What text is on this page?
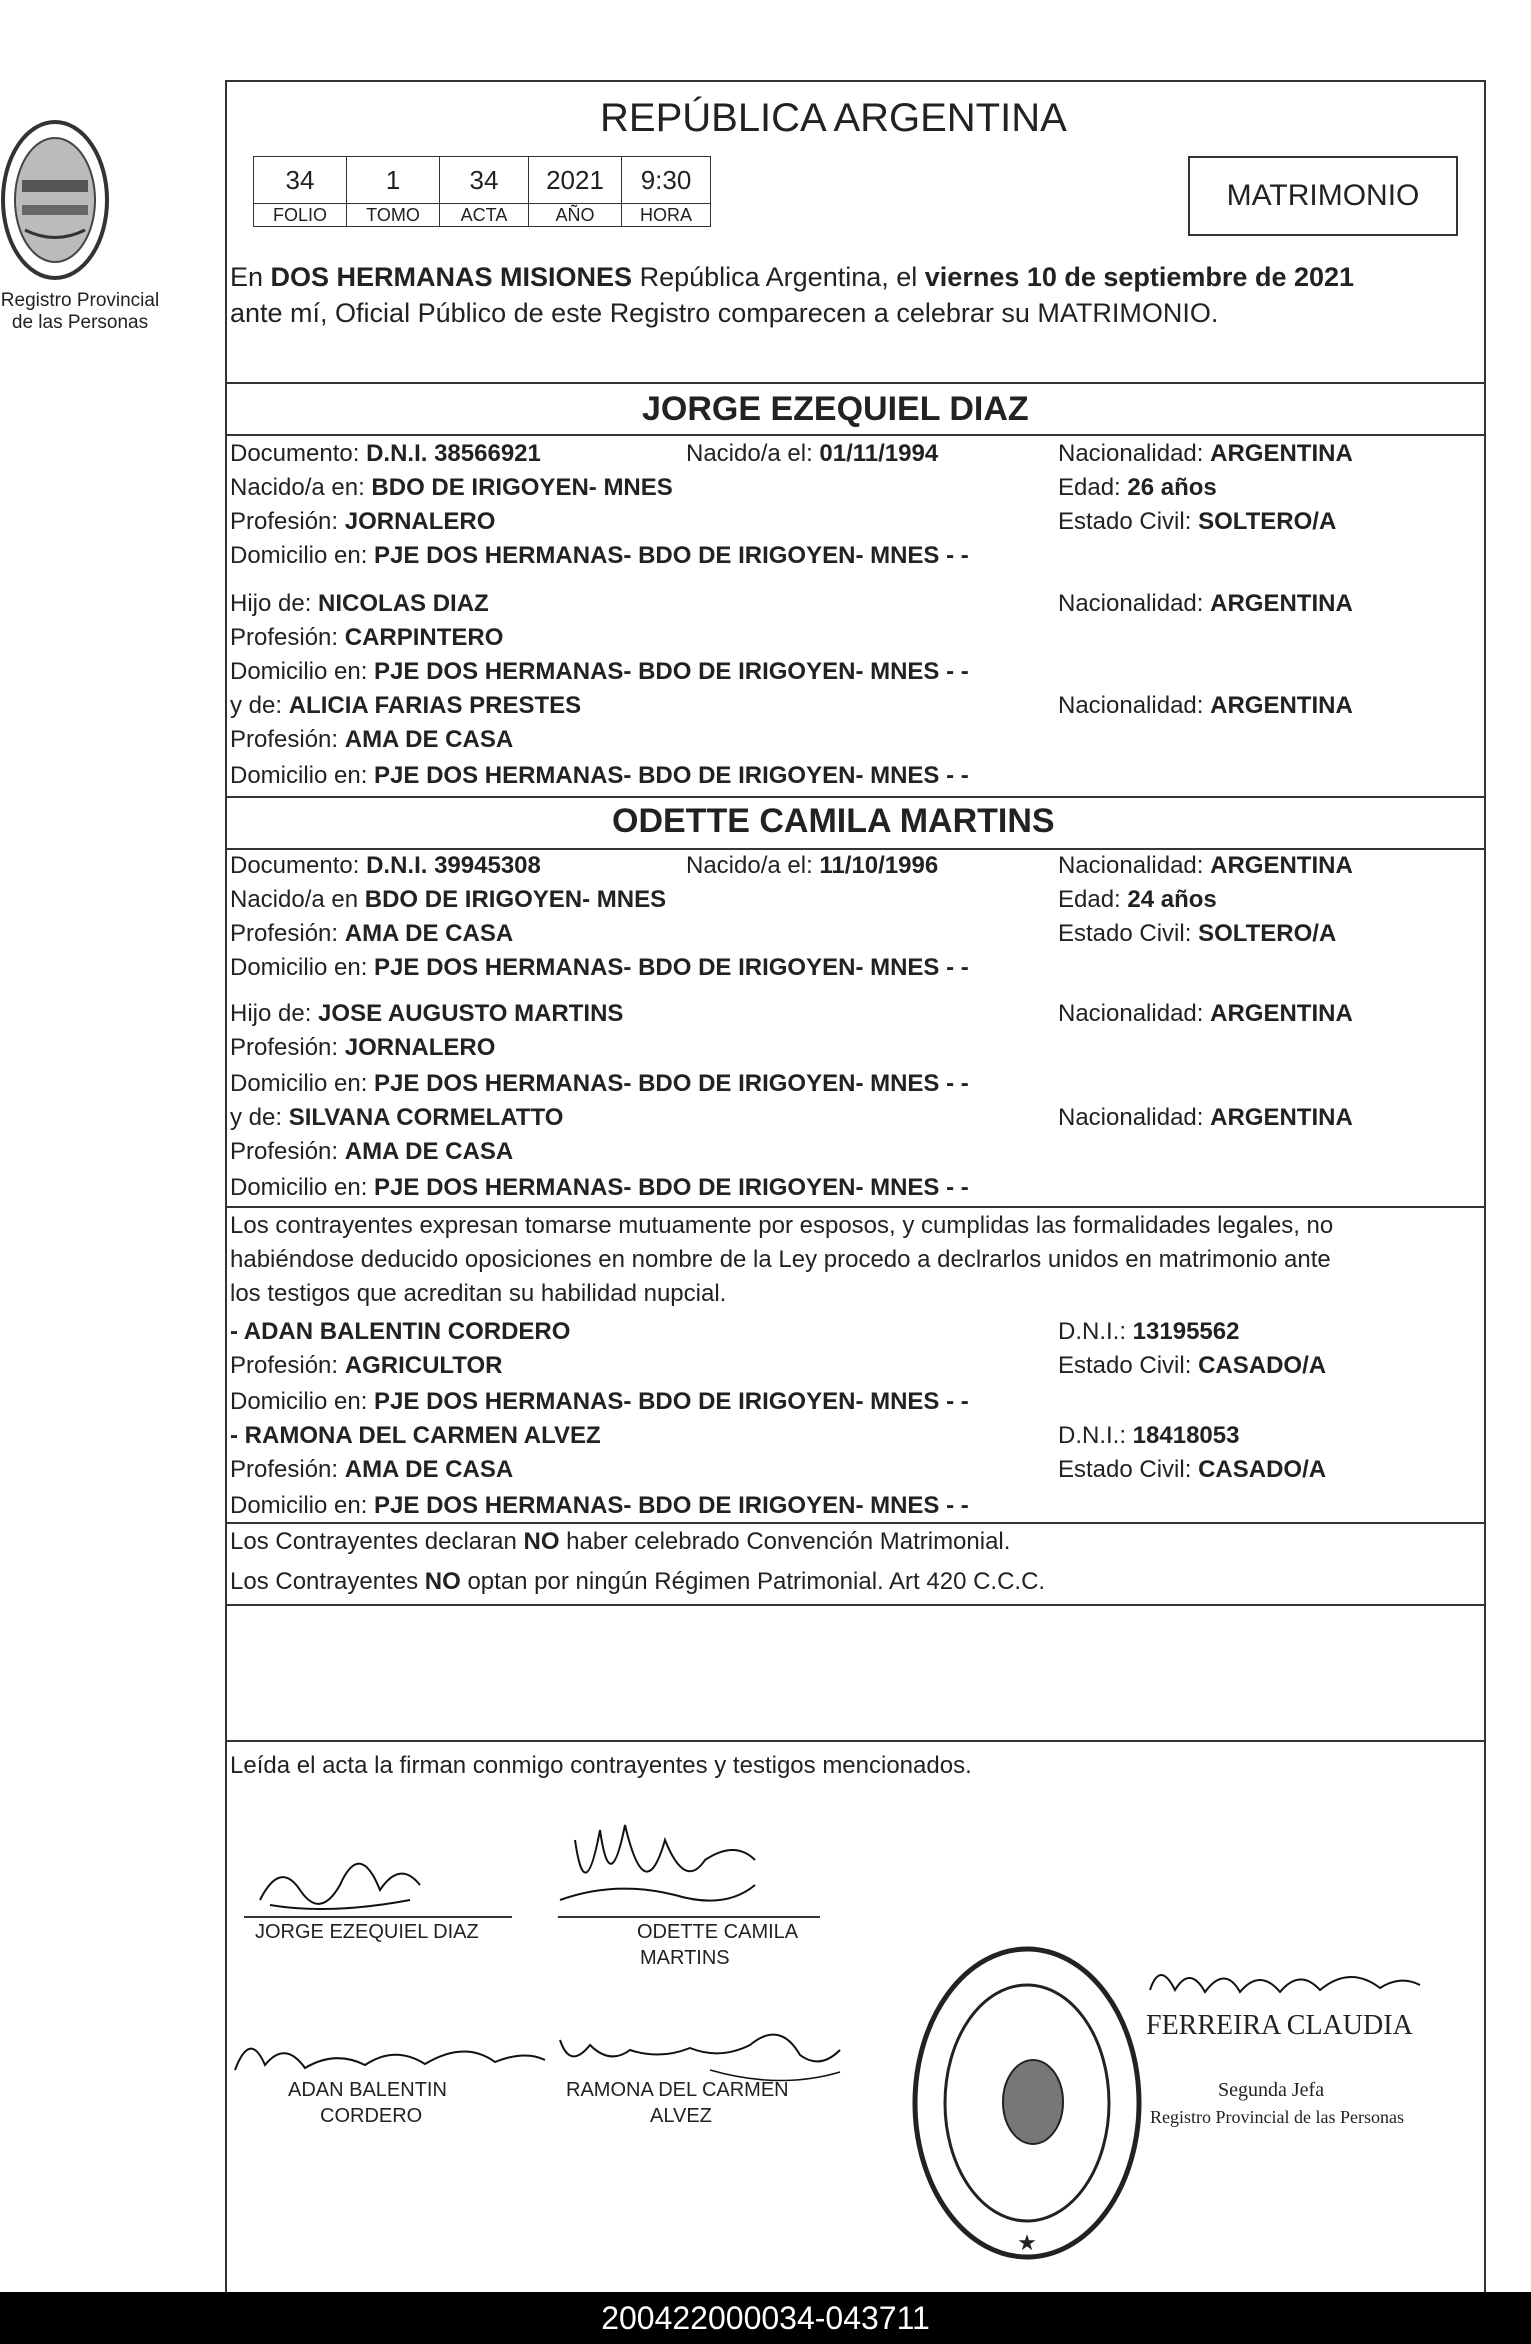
Registro Provincial
de las Personas
REPÚBLICA ARGENTINA
34	1	34	2021	9:30
FOLIO	TOMO	ACTA	AÑO	HORA
MATRIMONIO
En DOS HERMANAS MISIONES República Argentina, el viernes 10 de septiembre de 2021
ante mí, Oficial Público de este Registro comparecen a celebrar su MATRIMONIO.
JORGE EZEQUIEL DIAZ
Documento: D.N.I. 38566921	Nacido/a el: 01/11/1994	Nacionalidad: ARGENTINA
Nacido/a en: BDO DE IRIGOYEN- MNES	Edad: 26 años
Profesión: JORNALERO	Estado Civil: SOLTERO/A
Domicilio en: PJE DOS HERMANAS- BDO DE IRIGOYEN- MNES - -
Hijo de: NICOLAS DIAZ	Nacionalidad: ARGENTINA
Profesión: CARPINTERO
Domicilio en: PJE DOS HERMANAS- BDO DE IRIGOYEN- MNES - -
y de: ALICIA FARIAS PRESTES	Nacionalidad: ARGENTINA
Profesión: AMA DE CASA
Domicilio en: PJE DOS HERMANAS- BDO DE IRIGOYEN- MNES - -
ODETTE CAMILA MARTINS
Documento: D.N.I. 39945308	Nacido/a el: 11/10/1996	Nacionalidad: ARGENTINA
Nacido/a en BDO DE IRIGOYEN- MNES	Edad: 24 años
Profesión: AMA DE CASA	Estado Civil: SOLTERO/A
Domicilio en: PJE DOS HERMANAS- BDO DE IRIGOYEN- MNES - -
Hijo de: JOSE AUGUSTO MARTINS	Nacionalidad: ARGENTINA
Profesión: JORNALERO
Domicilio en: PJE DOS HERMANAS- BDO DE IRIGOYEN- MNES - -
y de: SILVANA CORMELATTO	Nacionalidad: ARGENTINA
Profesión: AMA DE CASA
Domicilio en: PJE DOS HERMANAS- BDO DE IRIGOYEN- MNES - -
Los contrayentes expresan tomarse mutuamente por esposos, y cumplidas las formalidades legales, no
habiéndose deducido oposiciones en nombre de la Ley procedo a declrarlos unidos en matrimonio ante
los testigos que acreditan su habilidad nupcial.
- ADAN BALENTIN CORDERO	D.N.I.: 13195562
Profesión: AGRICULTOR	Estado Civil: CASADO/A
Domicilio en: PJE DOS HERMANAS- BDO DE IRIGOYEN- MNES - -
- RAMONA DEL CARMEN ALVEZ	D.N.I.: 18418053
Profesión: AMA DE CASA	Estado Civil: CASADO/A
Domicilio en: PJE DOS HERMANAS- BDO DE IRIGOYEN- MNES - -
Los Contrayentes declaran NO haber celebrado Convención Matrimonial.
Los Contrayentes NO optan por ningún Régimen Patrimonial. Art 420 C.C.C.
Leída el acta la firman conmigo contrayentes y testigos mencionados.
JORGE EZEQUIEL DIAZ	ODETTE CAMILA
MARTINS
ADAN BALENTIN
CORDERO
RAMONA DEL CARMEN
ALVEZ
★
FERREIRA CLAUDIA
Segunda Jefa
Registro Provincial de las Personas
200422000034-043711
